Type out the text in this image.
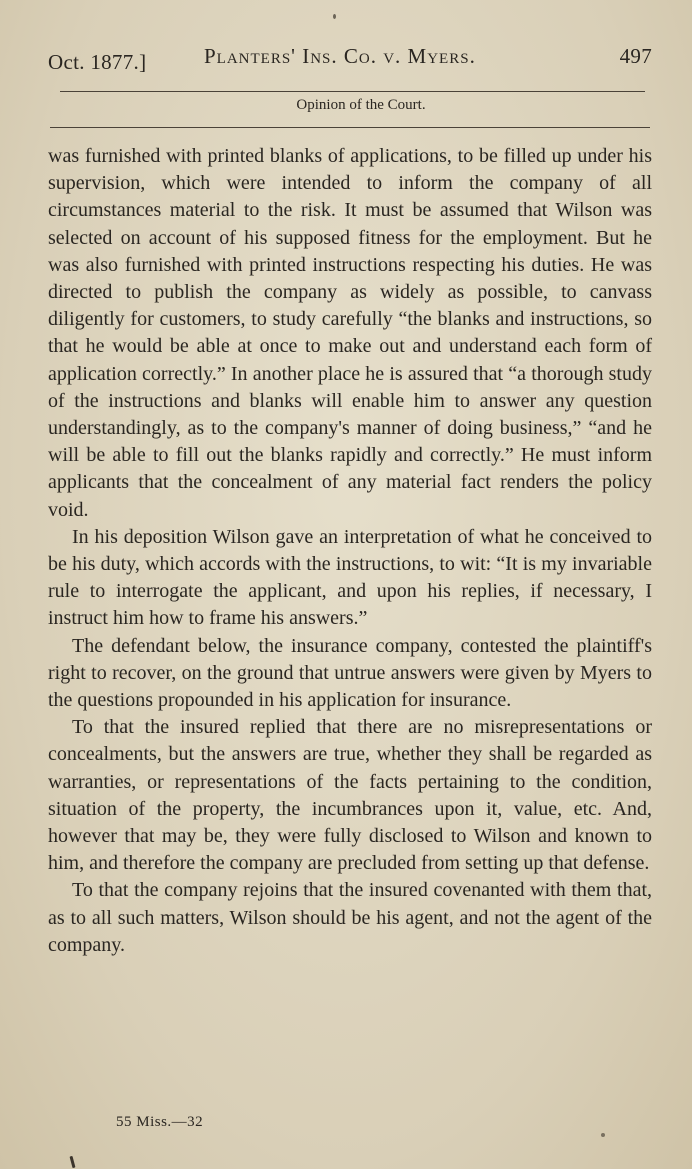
Oct. 1877.]	Planters' Ins. Co. v. Myers.	497
Opinion of the Court.

was furnished with printed blanks of applications, to be filled up under his supervision, which were intended to inform the company of all circumstances material to the risk. It must be assumed that Wilson was selected on account of his supposed fitness for the employment. But he was also furnished with printed instructions respecting his duties. He was directed to publish the company as widely as possible, to canvass diligently for customers, to study carefully “the blanks and instructions, so that he would be able at once to make out and understand each form of application correctly.” In another place he is assured that “a thorough study of the instructions and blanks will enable him to answer any question understandingly, as to the company's manner of doing business,” “and he will be able to fill out the blanks rapidly and correctly.” He must inform applicants that the concealment of any material fact renders the policy void.

In his deposition Wilson gave an interpretation of what he conceived to be his duty, which accords with the instructions, to wit: “It is my invariable rule to interrogate the applicant, and upon his replies, if necessary, I instruct him how to frame his answers.”

The defendant below, the insurance company, contested the plaintiff's right to recover, on the ground that untrue answers were given by Myers to the questions propounded in his application for insurance.

To that the insured replied that there are no misrepresentations or concealments, but the answers are true, whether they shall be regarded as warranties, or representations of the facts pertaining to the condition, situation of the property, the incumbrances upon it, value, etc. And, however that may be, they were fully disclosed to Wilson and known to him, and therefore the company are precluded from setting up that defense.

To that the company rejoins that the insured covenanted with them that, as to all such matters, Wilson should be his agent, and not the agent of the company.

55 Miss.—32
